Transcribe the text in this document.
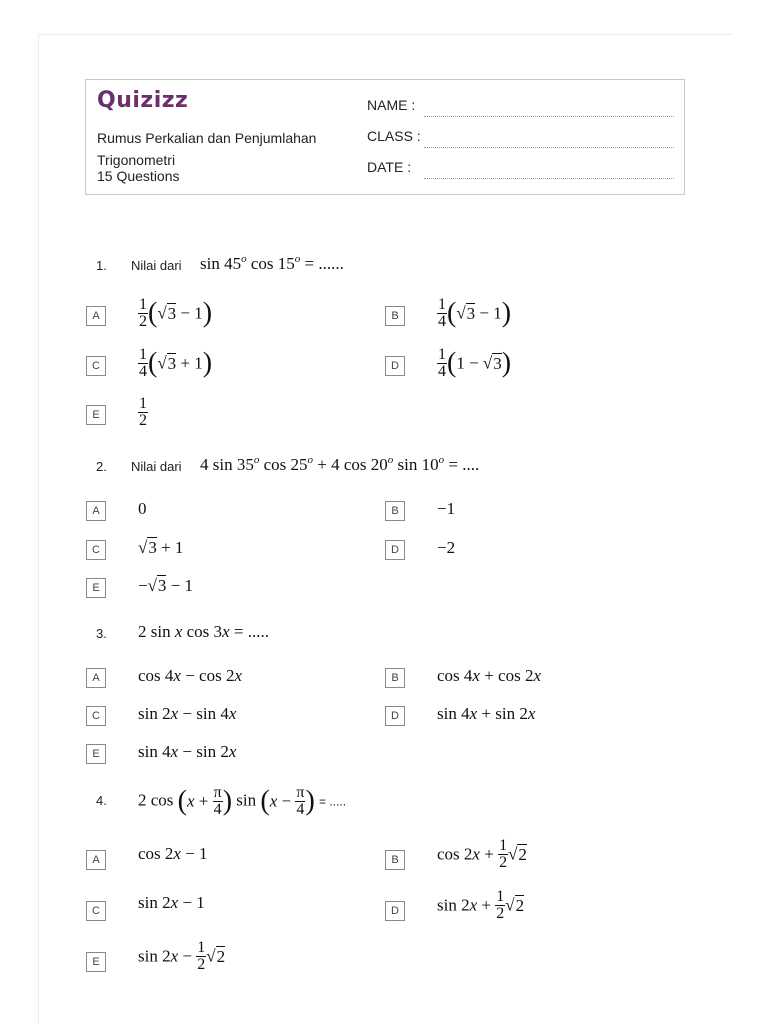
Quizizz
Rumus Perkalian dan Penjumlahan Trigonometri
15 Questions
NAME :
CLASS :
DATE :
1. Nilai dari sin 45$^o$ $\cos 15^o$ = ......
A	$\frac{1}{2} (√3 - 1)$	B	$\frac{1}{4} (√3 - 1)$
C	$\frac{1}{4} (√3 + 1)$	D	$\frac{1}{4} (1 - √3)$
E	$\frac{1}{2}$
2. Nilai dari 4 sin 35$^o$ $\cos 25^o + 4$ cos 20$^o$ $\sin 10^o$ = ....
A	0	B	−1
C	√3 + 1	D	−2
E	−√3 − 1
3. 2 sin x cos 3x = .....
A	cos 4x − cos 2x	B	cos 4x + cos 2x
C	sin 2x − sin 4x	D	sin 4x + sin 2x
E	sin 4x − sin 2x
4. 2 $\cos (x + \frac{\pi}{4}$ ) $\sin (x - \frac{\pi}{4}$ ) = .....
A	cos 2x − 1	B	$\cos 2x + \frac{1}{2} √2$
C	sin 2x − 1	D	$\sin 2x + \frac{1}{2} √2$
E	$\sin 2x - \frac{1}{2} √2$
